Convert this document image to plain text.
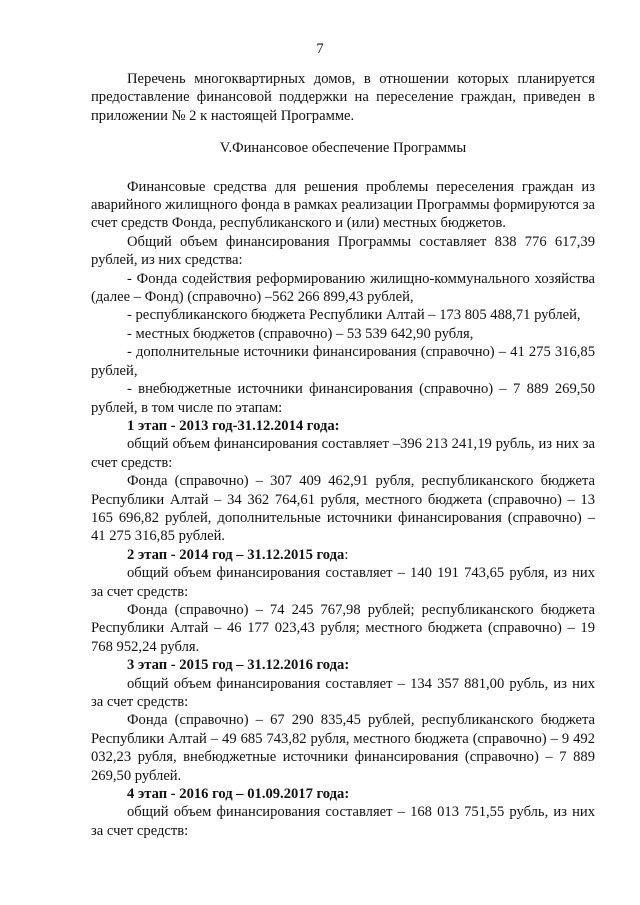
7

Перечень многоквартирных домов, в отношении которых планируется предоставление финансовой поддержки на переселение граждан, приведен в приложении № 2 к настоящей Программе.

V.Финансовое обеспечение Программы

Финансовые средства для решения проблемы переселения граждан из аварийного жилищного фонда в рамках реализации Программы формируются за счет средств Фонда, республиканского и (или) местных бюджетов.

Общий объем финансирования Программы составляет 838 776 617,39 рублей, из них средства:

- Фонда содействия реформированию жилищно-коммунального хозяйства (далее – Фонд) (справочно) –562 266 899,43 рублей,

- республиканского бюджета Республики Алтай – 173 805 488,71 рублей,

- местных бюджетов (справочно) – 53 539 642,90 рубля,

- дополнительные источники финансирования (справочно) – 41 275 316,85 рублей,

- внебюджетные источники финансирования (справочно) – 7 889 269,50 рублей, в том числе по этапам:

1 этап - 2013 год-31.12.2014 года:

общий объем финансирования составляет –396 213 241,19 рубль, из них за счет средств:

Фонда (справочно) – 307 409 462,91 рубля, республиканского бюджета Республики Алтай – 34 362 764,61 рубля, местного бюджета (справочно) – 13 165 696,82 рублей, дополнительные источники финансирования (справочно) – 41 275 316,85 рублей.

2 этап - 2014 год – 31.12.2015 года:

общий объем финансирования составляет – 140 191 743,65 рубля, из них за счет средств:

Фонда (справочно) – 74 245 767,98 рублей; республиканского бюджета Республики Алтай – 46 177 023,43 рубля; местного бюджета (справочно) – 19 768 952,24 рубля.

3 этап - 2015 год – 31.12.2016 года:

общий объем финансирования составляет – 134 357 881,00 рубль, из них за счет средств:

Фонда (справочно) – 67 290 835,45 рублей, республиканского бюджета Республики Алтай – 49 685 743,82 рубля, местного бюджета (справочно) – 9 492 032,23 рубля, внебюджетные источники финансирования (справочно) – 7 889 269,50 рублей.

4 этап - 2016 год – 01.09.2017 года:

общий объем финансирования составляет – 168 013 751,55 рубль, из них за счет средств:
